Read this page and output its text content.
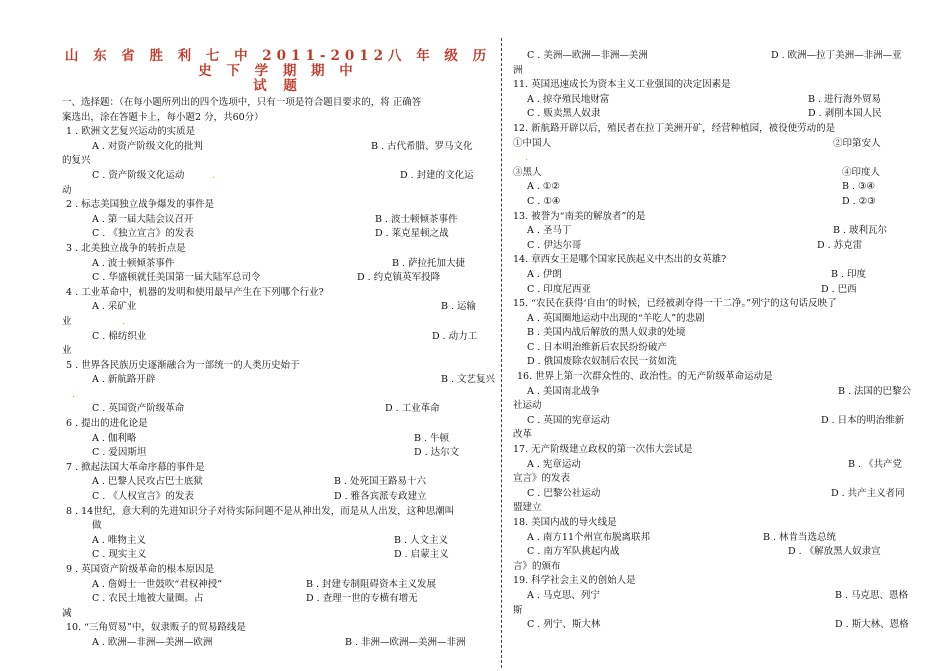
山 东 省 胜 利 七 中 2011-2012八 年 级 历 史 下 学 期 期 中
试 题
一、选择题：（在每小题所列出的四个选项中，只有一项是符合题目要求的，将 正确答
案选出，涂在答题卡上，每小题2 分，共60分）
1 . 欧洲文艺复兴运动的实质是
A . 对资产阶级文化的批判	B . 古代希腊、罗马文化
的复兴
C . 资产阶级文化运动	.	D . 封建的文化运
动
2 . 标志美国独立战争爆发的事件是
A . 第一届大陆会议召开	B . 波士顿倾茶事件
C . 《独立宣言》的发表	D . 莱克星顿之战
3 . 北美独立战争的转折点是
A . 波士顿倾茶事件	B . 萨拉托加大捷
C . 华盛顿就任美国第一届大陆军总司令	D . 约克镇英军投降
4 . 工业革命中，机器的发明和使用最早产生在下列哪个行业?
A . 采矿业	B . 运输
业	.
C . 棉纺织业	D . 动力工
业
5 . 世界各民族历史逐渐融合为一部统一的人类历史始于
A . 新航路开辟	B . 文艺复兴
.
C . 英国资产阶级革命	D . 工业革命
6 . 提出的进化论是
A . 伽利略	B . 牛顿
C . 爱因斯坦	D . 达尔文
7 . 掀起法国大革命序幕的事件是
A . 巴黎人民攻占巴士底狱	B . 处死国王路易十六
C . 《人权宣言》的发表	D . 雅各宾派专政建立
8 . 14世纪，意大利的先进知识分子对待实际问题不是从神出发，而是从人出发，这种思潮叫
做
A . 唯物主义	B . 人文主义
C . 现实主义	D . 启蒙主义
9 . 英国资产阶级革命的根本原因是
A . 詹姆士一世鼓吹“君权神授”	B . 封建专制阻碍资本主义发展
C . 农民土地被大量圈。占	D . 查理一世的专横有增无
减
10. “三角贸易”中，奴隶贩子的贸易路线是
A . 欧洲—非洲—美洲—欧洲	B . 非洲—欧洲—美洲—非洲
C . 美洲—欧洲—非洲—美洲	D . 欧洲—拉丁美洲—非洲—亚
洲
11. 英国迅速成长为资本主义工业强国的决定因素是
A . 掠夺殖民地财富	B . 进行海外贸易
C . 贩卖黑人奴隶	D . 剥削本国人民
12. 新航路开辟以后，殖民者在拉丁美洲开矿，经营种植园，被役使劳动的是
①中国人	②印第安人
.
③黑人	④印度人
A . ①②	B . ③④
C . ①④	D . ②③
13. 被誉为“南美的解放者”的是
A . 圣马丁	B . 玻利瓦尔
C . 伊达尔哥	D . 苏克雷
14. 章西女王是哪个国家民族起义中杰出的女英雄?
A . 伊朗	B . 印度
C . 印度尼西亚	D . 巴西
15. “农民在获得‘自由’的时候，已经被剥夺得一干二净。”列宁的这句话反映了
A . 英国圈地运动中出现的“羊吃人”的悲剧
B . 美国内战后解放的黑人奴隶的处境
C . 日本明治维新后农民纷纷破产
D . 俄国废除农奴制后农民一贫如洗
16. 世界上第一次群众性的、政治性。的无产阶级革命运动是
A . 美国南北战争	B . 法国的巴黎公
社运动
C . 英国的宪章运动	D . 日本的明治维新
改革
17. 无产阶级建立政权的第一次伟大尝试是
A . 宪章运动	B . 《共产党
宣言》的发表
C . 巴黎公社运动	D . 共产主义者同
盟建立
18. 美国内战的导火线是
A . 南方11个州宣布脱离联邦	B . 林肯当选总统
C . 南方军队挑起内战	D . 《解放黑人奴隶宣
言》的颁布
19. 科学社会主义的创始人是
A . 马克思、列宁	B . 马克思、恩格
斯
C . 列宁、斯大林	D . 斯大林、恩格
